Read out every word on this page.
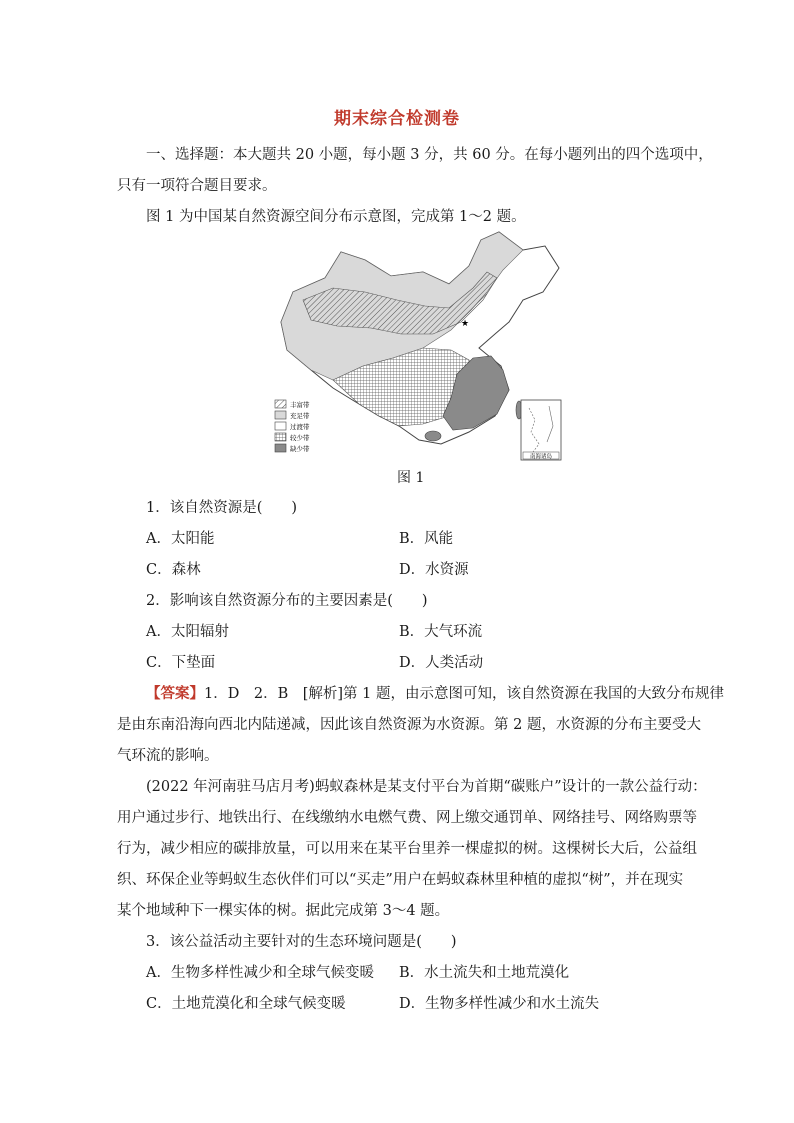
期末综合检测卷
一、选择题：本大题共 20 小题，每小题 3 分，共 60 分。在每小题列出的四个选项中，
只有一项符合题目要求。
图 1 为中国某自然资源空间分布示意图，完成第 1～2 题。
★
丰富带
充足带
过渡带
较少带
缺少带
南海诸岛
图 1
1．该自然资源是(　　)
A．太阳能	B．风能
C．森林	D．水资源
2．影响该自然资源分布的主要因素是(　　)
A．太阳辐射	B．大气环流
C．下垫面	D．人类活动
【答案】1．D　2．B　[解析]第 1 题，由示意图可知，该自然资源在我国的大致分布规律
是由东南沿海向西北内陆递减，因此该自然资源为水资源。第 2 题，水资源的分布主要受大
气环流的影响。
(2022 年河南驻马店月考)蚂蚁森林是某支付平台为首期“碳账户”设计的一款公益行动：
用户通过步行、地铁出行、在线缴纳水电燃气费、网上缴交通罚单、网络挂号、网络购票等
行为，减少相应的碳排放量，可以用来在某平台里养一棵虚拟的树。这棵树长大后，公益组
织、环保企业等蚂蚁生态伙伴们可以“买走”用户在蚂蚁森林里种植的虚拟“树”，并在现实
某个地域种下一棵实体的树。据此完成第 3～4 题。
3．该公益活动主要针对的生态环境问题是(　　)
A．生物多样性减少和全球气候变暖 B．水土流失和土地荒漠化
C．土地荒漠化和全球气候变暖	D．生物多样性减少和水土流失
